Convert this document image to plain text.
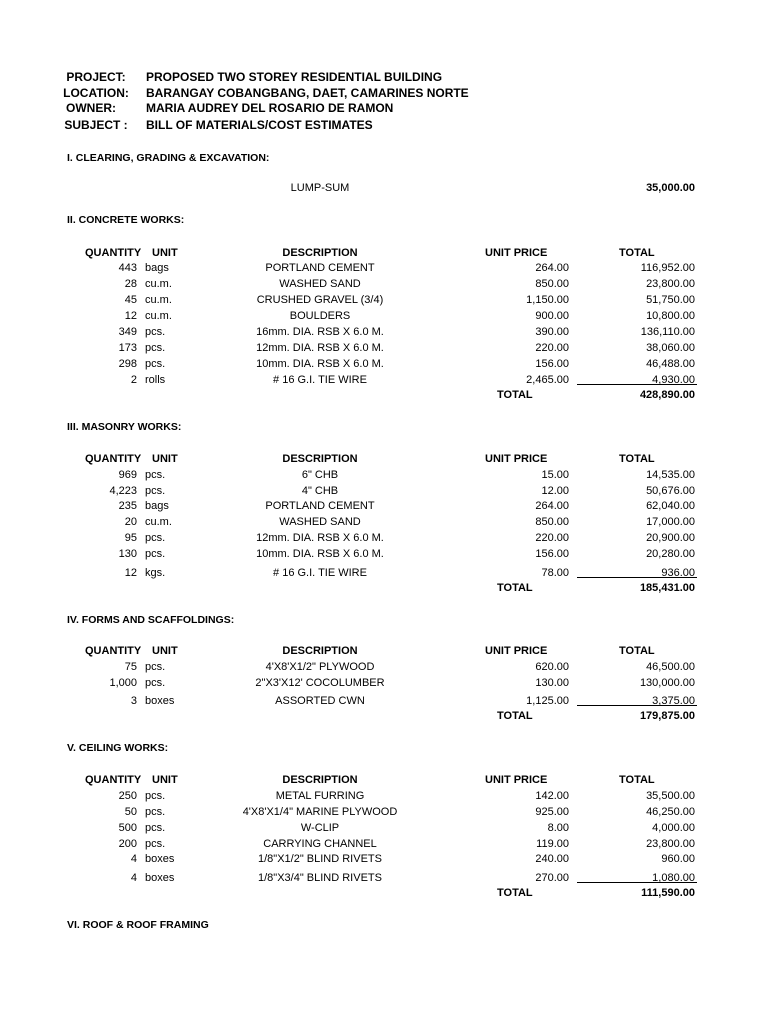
PROJECT: PROPOSED TWO STOREY RESIDENTIAL BUILDING
LOCATION: BARANGAY COBANGBANG, DAET, CAMARINES NORTE
OWNER:	MARIA AUDREY DEL ROSARIO DE RAMON
SUBJECT : BILL OF MATERIALS/COST ESTIMATES
I. CLEARING, GRADING & EXCAVATION:
LUMP-SUM	35,000.00
II. CONCRETE WORKS:
QUANTITY UNIT	DESCRIPTION	UNIT PRICE	TOTAL
443 bags	PORTLAND CEMENT	264.00	116,952.00
28 cu.m.	WASHED SAND	850.00	23,800.00
45 cu.m.	CRUSHED GRAVEL (3/4)	1,150.00	51,750.00
12 cu.m.	BOULDERS	900.00	10,800.00
349 pcs.	16mm. DIA. RSB X 6.0 M.	390.00	136,110.00
173 pcs.	12mm. DIA. RSB X 6.0 M.	220.00	38,060.00
298 pcs.	10mm. DIA. RSB X 6.0 M.	156.00	46,488.00
2 rolls	# 16 G.I. TIE WIRE	2,465.00	4,930.00
TOTAL	428,890.00
III. MASONRY WORKS:
QUANTITY UNIT	DESCRIPTION	UNIT PRICE	TOTAL
969 pcs.	6" CHB	15.00	14,535.00
4,223 pcs.	4" CHB	12.00	50,676.00
235 bags	PORTLAND CEMENT	264.00	62,040.00
20 cu.m.	WASHED SAND	850.00	17,000.00
95 pcs.	12mm. DIA. RSB X 6.0 M.	220.00	20,900.00
130 pcs.	10mm. DIA. RSB X 6.0 M.	156.00	20,280.00
12 kgs.	# 16 G.I. TIE WIRE	78.00	936.00
TOTAL	185,431.00
IV. FORMS AND SCAFFOLDINGS:
QUANTITY UNIT	DESCRIPTION	UNIT PRICE	TOTAL
75 pcs.	4'X8'X1/2" PLYWOOD	620.00	46,500.00
1,000 pcs.	2"X3'X12' COCOLUMBER	130.00	130,000.00
3 boxes	ASSORTED CWN	1,125.00	3,375.00
TOTAL	179,875.00
V. CEILING WORKS:
QUANTITY UNIT	DESCRIPTION	UNIT PRICE	TOTAL
250 pcs.	METAL FURRING	142.00	35,500.00
50 pcs.	4'X8'X1/4" MARINE PLYWOOD	925.00	46,250.00
500 pcs.	W-CLIP	8.00	4,000.00
200 pcs.	CARRYING CHANNEL	119.00	23,800.00
4 boxes	1/8"X1/2" BLIND RIVETS	240.00	960.00
4 boxes	1/8"X3/4" BLIND RIVETS	270.00	1,080.00
TOTAL	111,590.00
VI. ROOF & ROOF FRAMING
